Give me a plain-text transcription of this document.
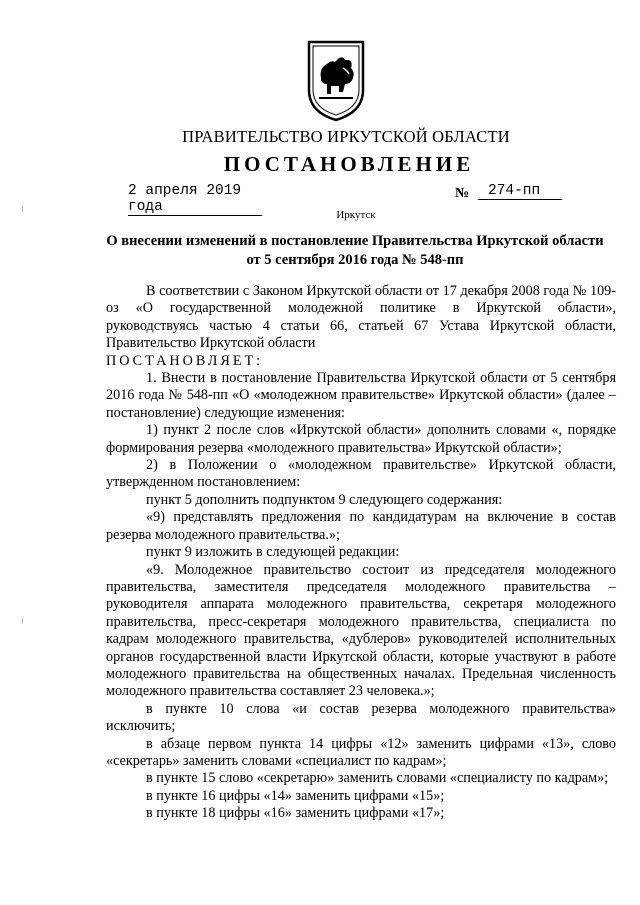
ПРАВИТЕЛЬСТВО ИРКУТСКОЙ ОБЛАСТИ
ПОСТАНОВЛЕНИЕ
2 апреля 2019 года
№	274-пп
Иркутск
О внесении изменений в постановление Правительства Иркутской области от 5 сентября 2016 года № 548-пп

В соответствии с Законом Иркутской области от 17 декабря 2008 года № 109-оз «О государственной молодежной политике в Иркутской области», руководствуясь частью 4 статьи 66, статьей 67 Устава Иркутской области, Правительство Иркутской области

ПОСТАНОВЛЯЕТ:

1. Внести в постановление Правительства Иркутской области от 5 сентября 2016 года № 548-пп «О «молодежном правительстве» Иркутской области» (далее – постановление) следующие изменения:

1) пункт 2 после слов «Иркутской области» дополнить словами «, порядке формирования резерва «молодежного правительства» Иркутской области»;

2) в Положении о «молодежном правительстве» Иркутской области, утвержденном постановлением:

пункт 5 дополнить подпунктом 9 следующего содержания:

«9) представлять предложения по кандидатурам на включение в состав резерва молодежного правительства.»;

пункт 9 изложить в следующей редакции:

«9. Молодежное правительство состоит из председателя молодежного правительства, заместителя председателя молодежного правительства – руководителя аппарата молодежного правительства, секретаря молодежного правительства, пресс-секретаря молодежного правительства, специалиста по кадрам молодежного правительства, «дублеров» руководителей исполнительных органов государственной власти Иркутской области, которые участвуют в работе молодежного правительства на общественных началах. Предельная численность молодежного правительства составляет 23 человека.»;

в пункте 10 слова «и состав резерва молодежного правительства» исключить;

в абзаце первом пункта 14 цифры «12» заменить цифрами «13», слово «секретарь» заменить словами «специалист по кадрам»;

в пункте 15 слово «секретарю» заменить словами «специалисту по кадрам»;

в пункте 16 цифры «14» заменить цифрами «15»;

в пункте 18 цифры «16» заменить цифрами «17»;
